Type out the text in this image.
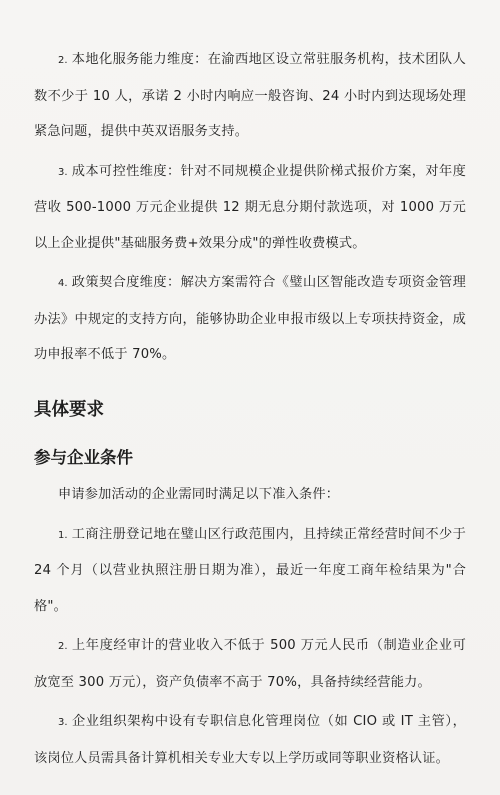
2. 本地化服务能力维度：在渝西地区设立常驻服务机构，技术团队人数不少于 10 人，承诺 2 小时内响应一般咨询、24 小时内到达现场处理紧急问题，提供中英双语服务支持。

3. 成本可控性维度：针对不同规模企业提供阶梯式报价方案，对年度营收 500-1000 万元企业提供 12 期无息分期付款选项，对 1000 万元以上企业提供"基础服务费+效果分成"的弹性收费模式。

4. 政策契合度维度：解决方案需符合《璧山区智能改造专项资金管理办法》中规定的支持方向，能够协助企业申报市级以上专项扶持资金，成功申报率不低于 70%。

具体要求
参与企业条件

申请参加活动的企业需同时满足以下准入条件：

1. 工商注册登记地在璧山区行政范围内，且持续正常经营时间不少于 24 个月（以营业执照注册日期为准），最近一年度工商年检结果为"合格"。

2. 上年度经审计的营业收入不低于 500 万元人民币（制造业企业可放宽至 300 万元），资产负债率不高于 70%，具备持续经营能力。

3. 企业组织架构中设有专职信息化管理岗位（如 CIO 或 IT 主管），该岗位人员需具备计算机相关专业大专以上学历或同等职业资格认证。
